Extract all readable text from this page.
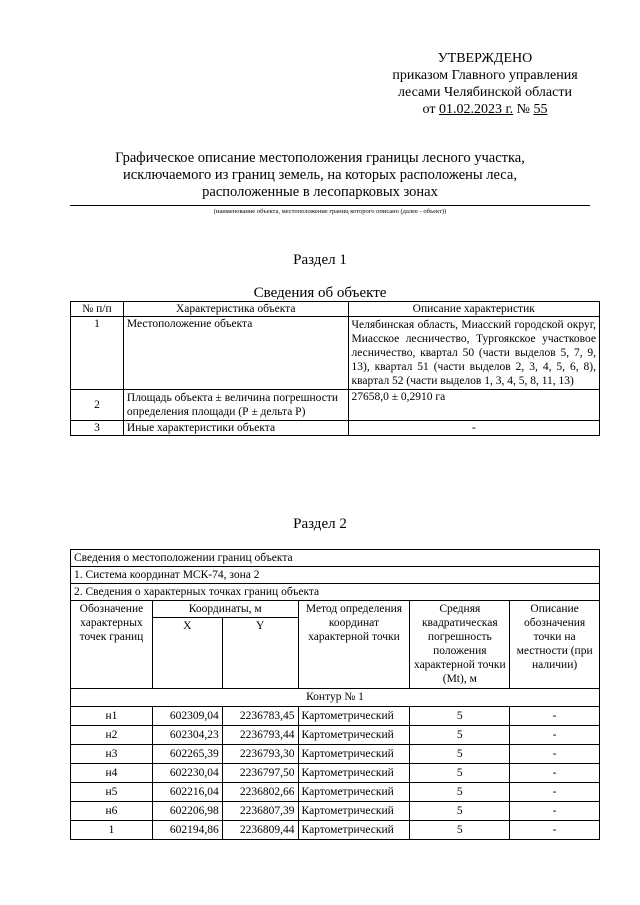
УТВЕРЖДЕНО
приказом Главного управления
лесами Челябинской области
от 01.02.2023 г. № 55
Графическое описание местоположения границы лесного участка,
исключаемого из границ земель, на которых расположены леса,
расположенные в лесопарковых зонах
(наименование объекта, местоположение границ которого описано (далее - объект))
Раздел 1
Сведения об объекте
№ п/п	Характеристика объекта	Описание характеристик
1	Местоположение объекта	Челябинская область, Миасский городской округ, Миасское лесничество, Тургоякское участковое лесничество, квартал 50 (части выделов 5, 7, 9, 13), квартал 51 (части выделов 2, 3, 4, 5, 6, 8), квартал 52 (части выделов 1, 3, 4, 5, 8, 11, 13)
2	Площадь объекта ± величина погрешности определения площади (Р ± дельта Р)	27658,0 ± 0,2910 га
3	Иные характеристики объекта	-
Раздел 2
Сведения о местоположении границ объекта					
1. Система координат МСК-74, зона 2					
2. Сведения о характерных точках границ объекта					
Обозначение характерных точек границ	Координаты, м		Метод определения координат характерной точки	Средняя квадратическая погрешность положения характерной точки (Mt), м	Описание обозначения точки на местности (при наличии)
	X	Y			
Контур № 1					
н1	602309,04	2236783,45	Картометрический	5	-
н2	602304,23	2236793,44	Картометрический	5	-
н3	602265,39	2236793,30	Картометрический	5	-
н4	602230,04	2236797,50	Картометрический	5	-
н5	602216,04	2236802,66	Картометрический	5	-
н6	602206,98	2236807,39	Картометрический	5	-
1	602194,86	2236809,44	Картометрический	5	-
